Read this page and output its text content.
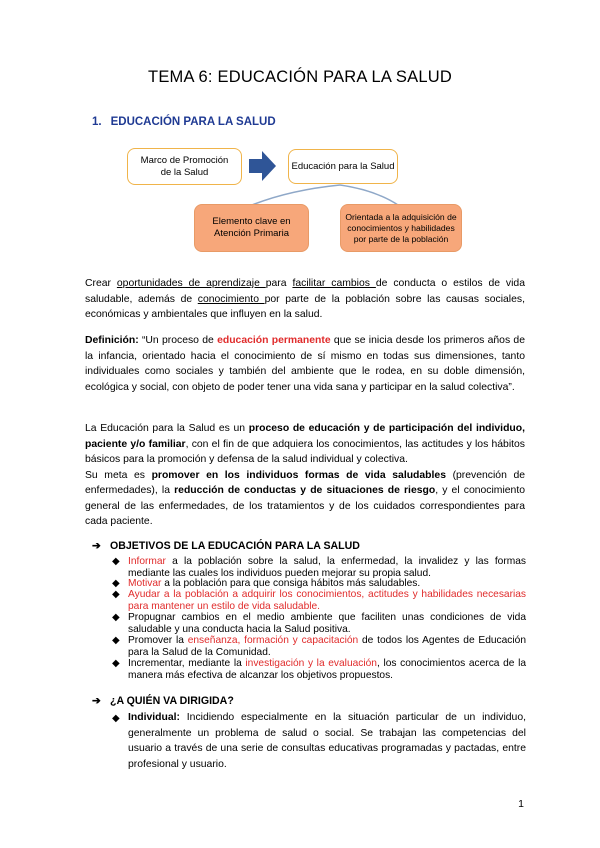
TEMA 6: EDUCACIÓN PARA LA SALUD
1. EDUCACIÓN PARA LA SALUD
Marco de Promoción de la Salud
Educación para la Salud
Elemento clave en Atención Primaria
Orientada a la adquisición de conocimientos y habilidades por parte de la población
Crear oportunidades de aprendizaje para facilitar cambios de conducta o estilos de vida saludable, además de conocimiento por parte de la población sobre las causas sociales, económicas y ambientales que influyen en la salud.
Definición: “Un proceso de educación permanente que se inicia desde los primeros años de la infancia, orientado hacia el conocimiento de sí mismo en todas sus dimensiones, tanto individuales como sociales y también del ambiente que le rodea, en su doble dimensión, ecológica y social, con objeto de poder tener una vida sana y participar en la salud colectiva”.
La Educación para la Salud es un proceso de educación y de participación del individuo, paciente y/o familiar, con el fin de que adquiera los conocimientos, las actitudes y los hábitos básicos para la promoción y defensa de la salud individual y colectiva.
Su meta es promover en los individuos formas de vida saludables (prevención de enfermedades), la reducción de conductas y de situaciones de riesgo, y el conocimiento general de las enfermedades, de los tratamientos y de los cuidados correspondientes para cada paciente.
➔ OBJETIVOS DE LA EDUCACIÓN PARA LA SALUD
◆ Informar a la población sobre la salud, la enfermedad, la invalidez y las formas mediante las cuales los individuos pueden mejorar su propia salud.
◆ Motivar a la población para que consiga hábitos más saludables.
◆ Ayudar a la población a adquirir los conocimientos, actitudes y habilidades necesarias para mantener un estilo de vida saludable.
◆ Propugnar cambios en el medio ambiente que faciliten unas condiciones de vida saludable y una conducta hacia la Salud positiva.
◆ Promover la enseñanza, formación y capacitación de todos los Agentes de Educación para la Salud de la Comunidad.
◆ Incrementar, mediante la investigación y la evaluación, los conocimientos acerca de la manera más efectiva de alcanzar los objetivos propuestos.
➔ ¿A QUIÉN VA DIRIGIDA?
◆ Individual: Incidiendo especialmente en la situación particular de un individuo, generalmente un problema de salud o social. Se trabajan las competencias del usuario a través de una serie de consultas educativas programadas y pactadas, entre profesional y usuario.
1
